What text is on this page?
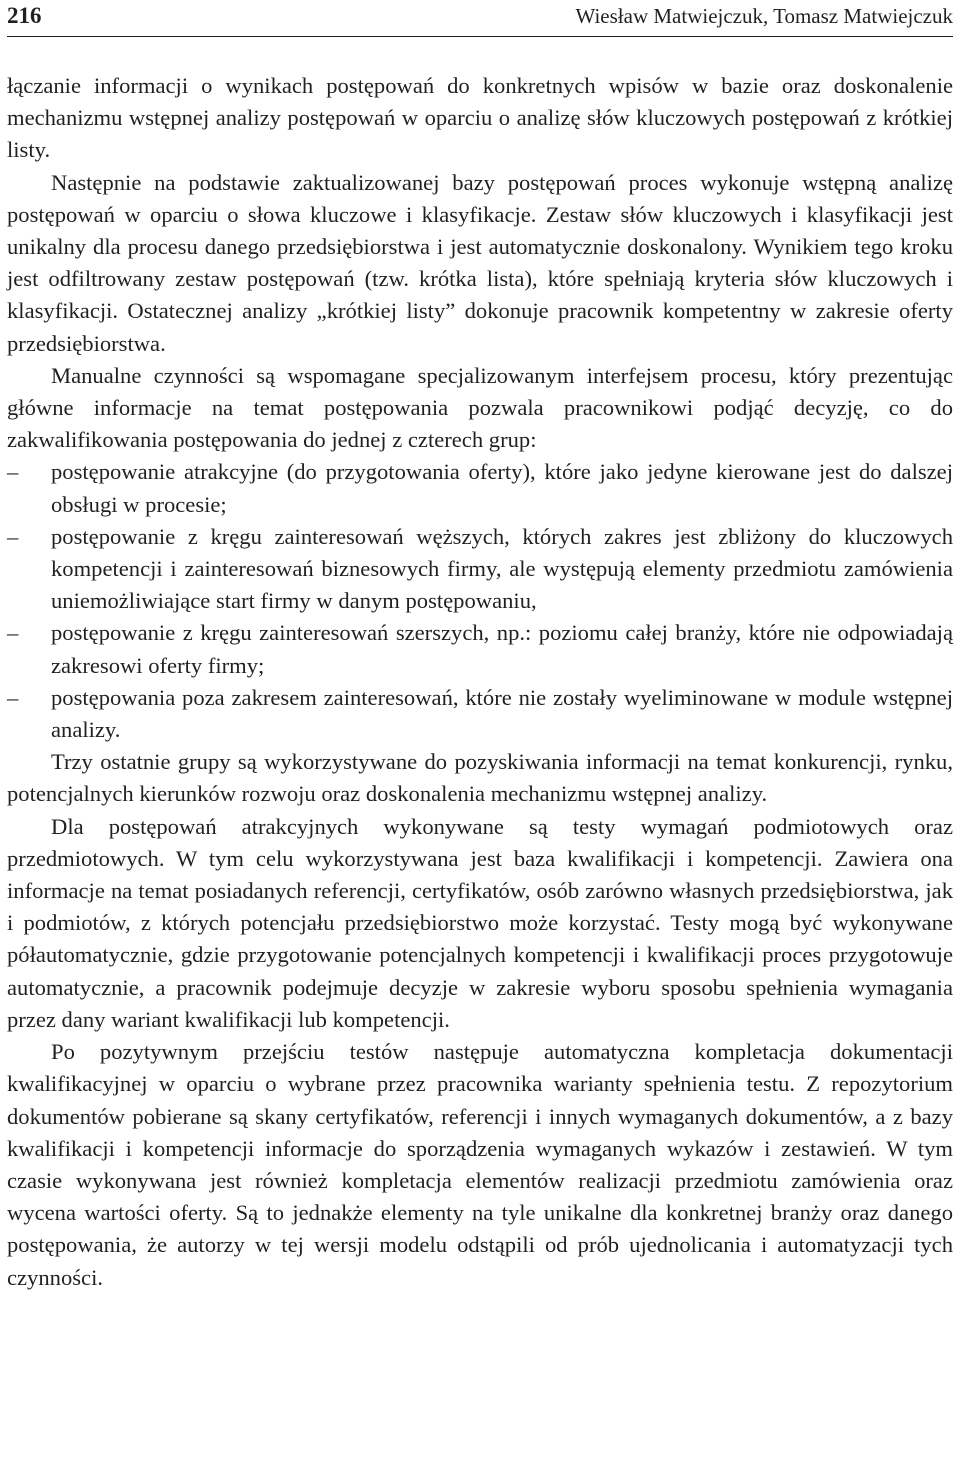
216	Wiesław Matwiejczuk, Tomasz Matwiejczuk

łączanie informacji o wynikach postępowań do konkretnych wpisów w bazie oraz doskonalenie mechanizmu wstępnej analizy postępowań w oparciu o analizę słów kluczowych postępowań z krótkiej listy.

Następnie na podstawie zaktualizowanej bazy postępowań proces wykonuje wstępną analizę postępowań w oparciu o słowa kluczowe i klasyfikacje. Zestaw słów kluczowych i klasyfikacji jest unikalny dla procesu danego przedsiębiorstwa i jest automatycznie doskonalony. Wynikiem tego kroku jest odfiltrowany zestaw postępowań (tzw. krótka lista), które spełniają kryteria słów kluczowych i klasyfikacji. Ostatecznej analizy „krótkiej listy” dokonuje pracownik kompetentny w zakresie oferty przedsiębiorstwa.

Manualne czynności są wspomagane specjalizowanym interfejsem procesu, który prezentując główne informacje na temat postępowania pozwala pracownikowi podjąć decyzję, co do zakwalifikowania postępowania do jednej z czterech grup:

–	postępowanie atrakcyjne (do przygotowania oferty), które jako jedyne kierowane jest do dalszej obsługi w procesie;
–	postępowanie z kręgu zainteresowań węższych, których zakres jest zbliżony do kluczowych kompetencji i zainteresowań biznesowych firmy, ale występują elementy przedmiotu zamówienia uniemożliwiające start firmy w danym postępowaniu,
–	postępowanie z kręgu zainteresowań szerszych, np.: poziomu całej branży, które nie odpowiadają zakresowi oferty firmy;
–	postępowania poza zakresem zainteresowań, które nie zostały wyeliminowane w module wstępnej analizy.

Trzy ostatnie grupy są wykorzystywane do pozyskiwania informacji na temat konkurencji, rynku, potencjalnych kierunków rozwoju oraz doskonalenia mechanizmu wstępnej analizy.

Dla postępowań atrakcyjnych wykonywane są testy wymagań podmiotowych oraz przedmiotowych. W tym celu wykorzystywana jest baza kwalifikacji i kompetencji. Zawiera ona informacje na temat posiadanych referencji, certyfikatów, osób zarówno własnych przedsiębiorstwa, jak i podmiotów, z których potencjału przedsiębiorstwo może korzystać. Testy mogą być wykonywane półautomatycznie, gdzie przygotowanie potencjalnych kompetencji i kwalifikacji proces przygotowuje automatycznie, a pracownik podejmuje decyzje w zakresie wyboru sposobu spełnienia wymagania przez dany wariant kwalifikacji lub kompetencji.

Po pozytywnym przejściu testów następuje automatyczna kompletacja dokumentacji kwalifikacyjnej w oparciu o wybrane przez pracownika warianty spełnienia testu. Z repozytorium dokumentów pobierane są skany certyfikatów, referencji i innych wymaganych dokumentów, a z bazy kwalifikacji i kompetencji informacje do sporządzenia wymaganych wykazów i zestawień. W tym czasie wykonywana jest również kompletacja elementów realizacji przedmiotu zamówienia oraz wycena wartości oferty. Są to jednakże elementy na tyle unikalne dla konkretnej branży oraz danego postępowania, że autorzy w tej wersji modelu odstąpili od prób ujednolicania i automatyzacji tych czynności.
